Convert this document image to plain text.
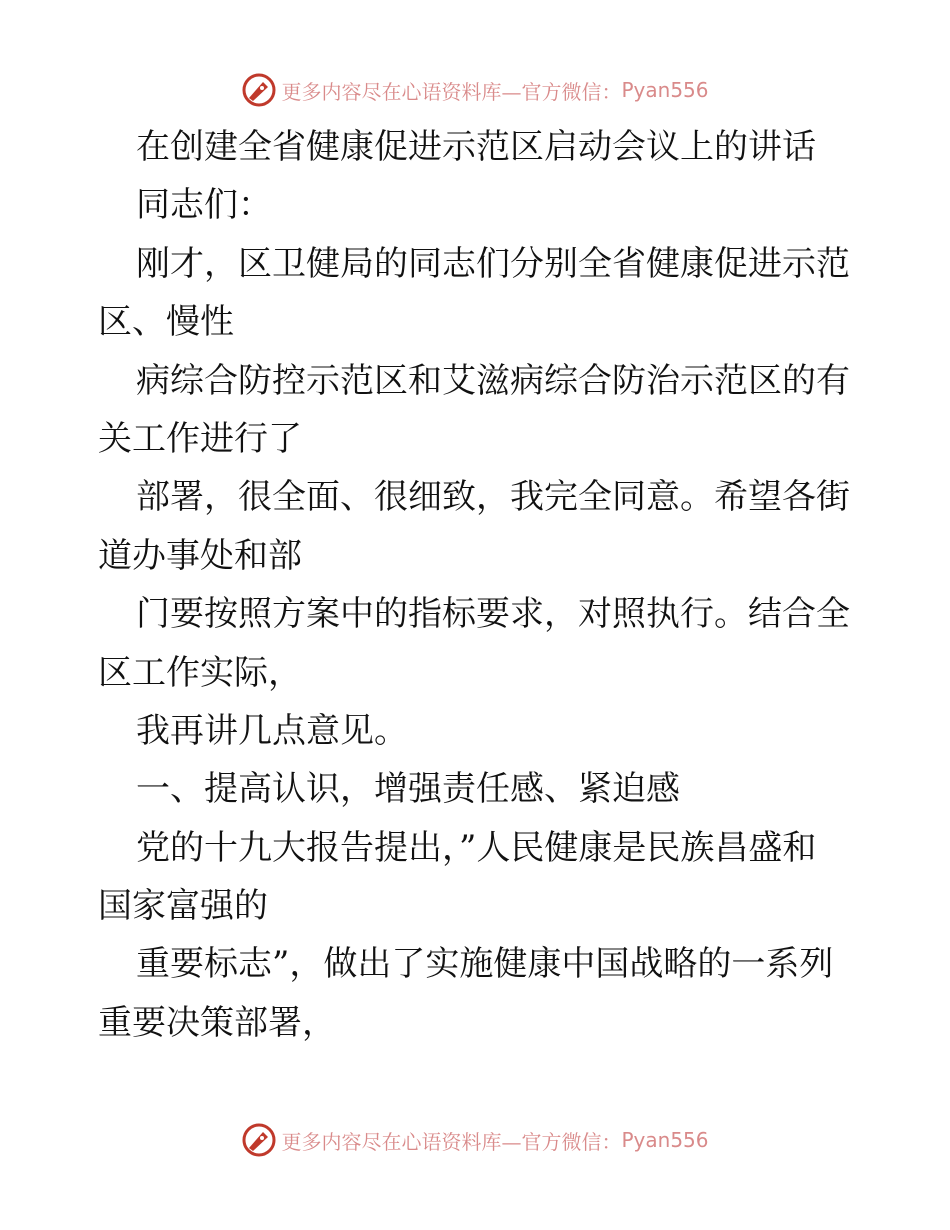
更多内容尽在心语资料库— 官方微信： Pyan556
在创建全省健康促进示范区启动会议上的讲话
同志们：
刚才，区卫健局的同志们分别全省健康促进示范
区、慢性
病综合防控示范区和艾滋病综合防治示范区的有
关工作进行了
部署，很全面、很细致，我完全同意。希望各街
道办事处和部
门要按照方案中的指标要求，对照执行。结合全
区工作实际，
我再讲几点意见。
一、提高认识，增强责任感、紧迫感
党的十九大报告提出，”人民健康是民族昌盛和
国家富强的
重要标志”，做出了实施健康中国战略的一系列
重要决策部署，
更多内容尽在心语资料库— 官方微信： Pyan556
